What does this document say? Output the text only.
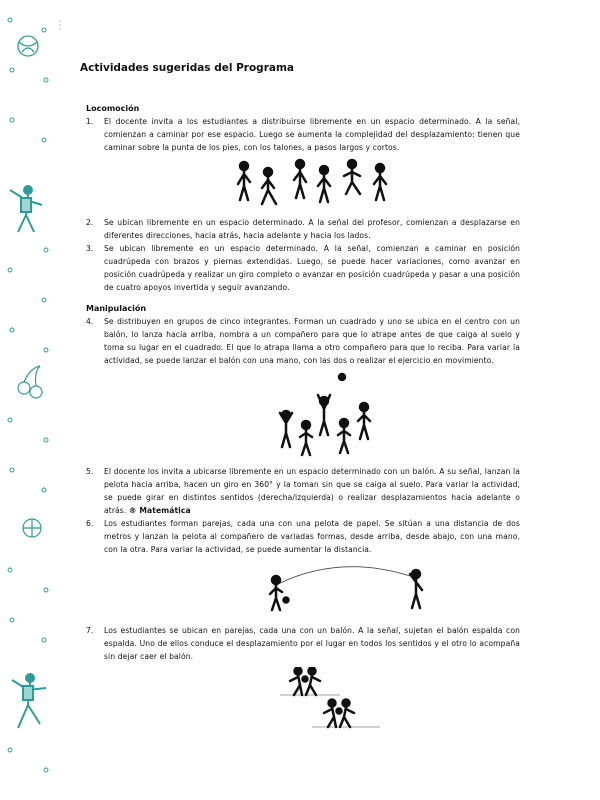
Actividades sugeridas del Programa
Locomoción
1. El docente invita a los estudiantes a distribuirse libremente en un espacio determinado. A la señal, comienzan a caminar por ese espacio. Luego se aumenta la complejidad del desplazamiento: tienen que caminar sobre la punta de los pies, con los talones, a pasos largos y cortos.
2. Se ubican libremente en un espacio determinado. A la señal del profesor, comienzan a desplazarse en diferentes direcciones, hacia atrás, hacia adelante y hacia los lados.
3. Se ubican libremente en un espacio determinado. A la señal, comienzan a caminar en posición cuadrúpeda con brazos y piernas extendidas. Luego, se puede hacer variaciones, como avanzar en posición cuadrúpeda y realizar un giro completo o avanzar en posición cuadrúpeda y pasar a una posición de cuatro apoyos invertida y seguir avanzando.
Manipulación
4. Se distribuyen en grupos de cinco integrantes. Forman un cuadrado y uno se ubica en el centro con un balón, lo lanza hacia arriba, nombra a un compañero para que lo atrape antes de que caiga al suelo y toma su lugar en el cuadrado. El que lo atrapa llama a otro compañero para que lo reciba. Para variar la actividad, se puede lanzar el balón con una mano, con las dos o realizar el ejercicio en movimiento.
5. El docente los invita a ubicarse libremente en un espacio determinado con un balón. A su señal, lanzan la pelota hacia arriba, hacen un giro en 360° y la toman sin que se caiga al suelo. Para variar la actividad, se puede girar en distintos sentidos (derecha/izquierda) o realizar desplazamientos hacia adelante o atrás. ® Matemática
6. Los estudiantes forman parejas, cada una con una pelota de papel. Se sitúan a una distancia de dos metros y lanzan la pelota al compañero de variadas formas, desde arriba, desde abajo, con una mano, con la otra. Para variar la actividad, se puede aumentar la distancia.
7. Los estudiantes se ubican en parejas, cada una con un balón. A la señal, sujetan el balón espalda con espalda. Uno de ellos conduce el desplazamiento por el lugar en todos los sentidos y el otro lo acompaña sin dejar caer el balón.
